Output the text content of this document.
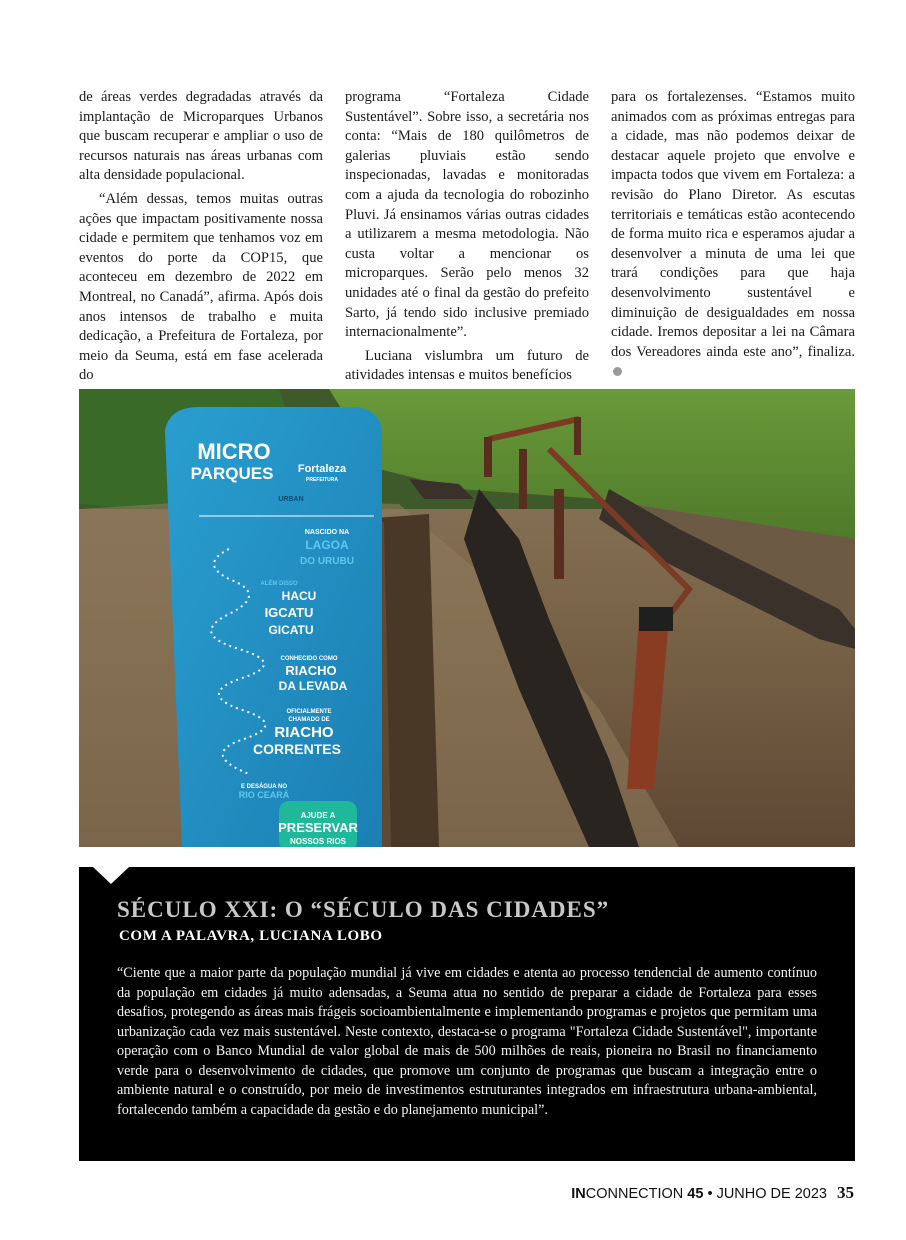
de áreas verdes degradadas através da implantação de Microparques Urbanos que buscam recuperar e ampliar o uso de recursos naturais nas áreas urbanas com alta densidade populacional.

“Além dessas, temos muitas outras ações que impactam positivamente nossa cidade e permitem que tenhamos voz em eventos do porte da COP15, que aconteceu em dezembro de 2022 em Montreal, no Canadá”, afirma. Após dois anos intensos de trabalho e muita dedicação, a Prefeitura de Fortaleza, por meio da Seuma, está em fase acelerada do

programa “Fortaleza Cidade Sustentável”. Sobre isso, a secretária nos conta: “Mais de 180 quilômetros de galerias pluviais estão sendo inspecionadas, lavadas e monitoradas com a ajuda da tecnologia do robozinho Pluvi. Já ensinamos várias outras cidades a utilizarem a mesma metodologia. Não custa voltar a mencionar os microparques. Serão pelo menos 32 unidades até o final da gestão do prefeito Sarto, já tendo sido inclusive premiado internacionalmente”.

Luciana vislumbra um futuro de atividades intensas e muitos benefícios

para os fortalezenses. “Estamos muito animados com as próximas entregas para a cidade, mas não podemos deixar de destacar aquele projeto que envolve e impacta todos que vivem em Fortaleza: a revisão do Plano Diretor. As escutas territoriais e temáticas estão acontecendo de forma muito rica e esperamos ajudar a desenvolver a minuta de uma lei que trará condições para que haja desenvolvimento sustentável e diminuição de desigualdades em nossa cidade. Iremos depositar a lei na Câmara dos Vereadores ainda este ano”, finaliza.

MICRO
PARQUES Fortaleza
PREFEITURA
URBAN
NASCIDO NA
LAGOA
DO URUBU
ALÉM DISSO
HACU
IGCATU
GICATU
CONHECIDO COMO
RIACHO
DA LEVADA
OFICIALMENTE
CHAMADO DE
RIACHO
CORRENTES
E DESÁGUA NO
RIO CEARÁ
AJUDE A
PRESERVAR
NOSSOS RIOS
SÉCULO XXI: O “SÉCULO DAS CIDADES”
COM A PALAVRA, LUCIANA LOBO
“Ciente que a maior parte da população mundial já vive em cidades e atenta ao processo tendencial de aumento contínuo da população em cidades já muito adensadas, a Seuma atua no sentido de preparar a cidade de Fortaleza para esses desafios, protegendo as áreas mais frágeis socioambientalmente e implementando programas e projetos que permitam uma urbanização cada vez mais sustentável. Neste contexto, destaca-se o programa "Fortaleza Cidade Sustentável", importante operação com o Banco Mundial de valor global de mais de 500 milhões de reais, pioneira no Brasil no financiamento verde para o desenvolvimento de cidades, que promove um conjunto de programas que buscam a integração entre o ambiente natural e o construído, por meio de investimentos estruturantes integrados em infraestrutura urbana-ambiental, fortalecendo também a capacidade da gestão e do planejamento municipal”.
INCONNECTION 45 • JUNHO DE 2023 35
